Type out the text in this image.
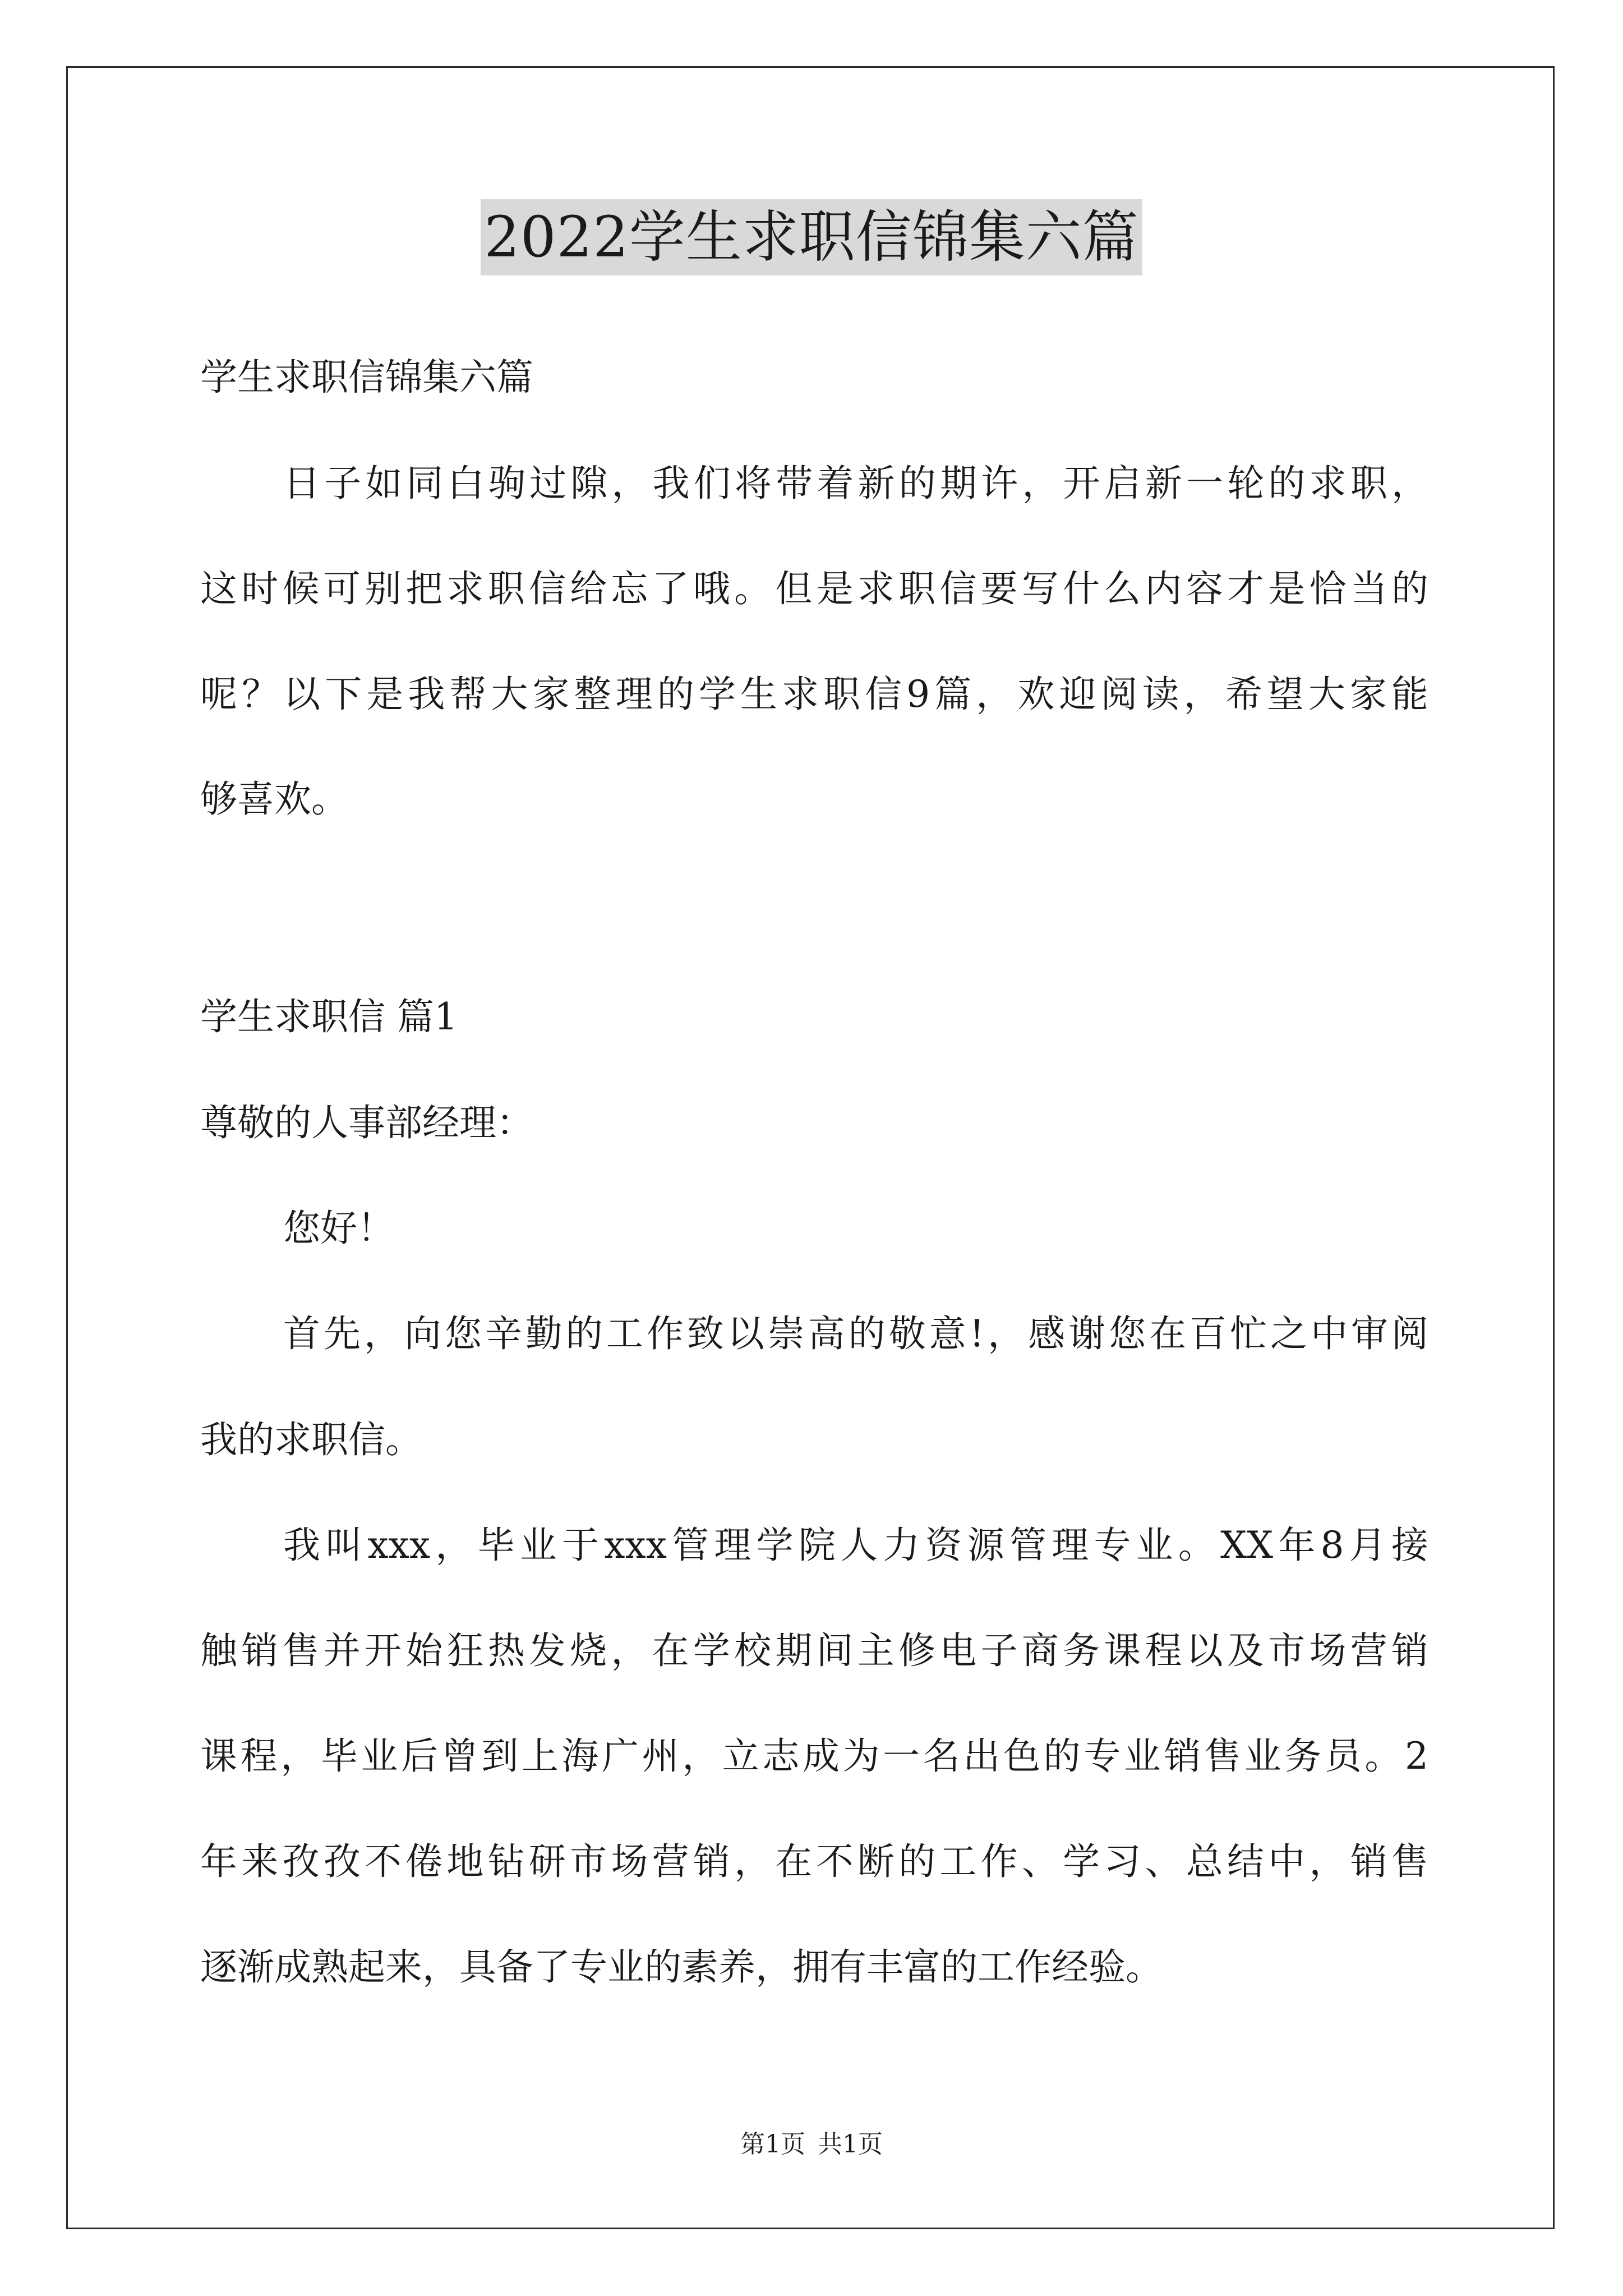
2022学生求职信锦集六篇
学生求职信锦集六篇
日子如同白驹过隙，我们将带着新的期许，开启新一轮的求职，
这时候可别把求职信给忘了哦。但是求职信要写什么内容才是恰当的
呢？以下是我帮大家整理的学生求职信9篇，欢迎阅读，希望大家能
够喜欢。
学生求职信 篇1
尊敬的人事部经理：
您好！
首先，向您辛勤的工作致以崇高的敬意!，感谢您在百忙之中审阅
我的求职信。
我叫xxx，毕业于xxx管理学院人力资源管理专业。XX年8月接
触销售并开始狂热发烧，在学校期间主修电子商务课程以及市场营销
课程，毕业后曾到上海广州，立志成为一名出色的专业销售业务员。2
年来孜孜不倦地钻研市场营销，在不断的工作、学习、总结中，销售
逐渐成熟起来，具备了专业的素养，拥有丰富的工作经验。
第1页 共1页
